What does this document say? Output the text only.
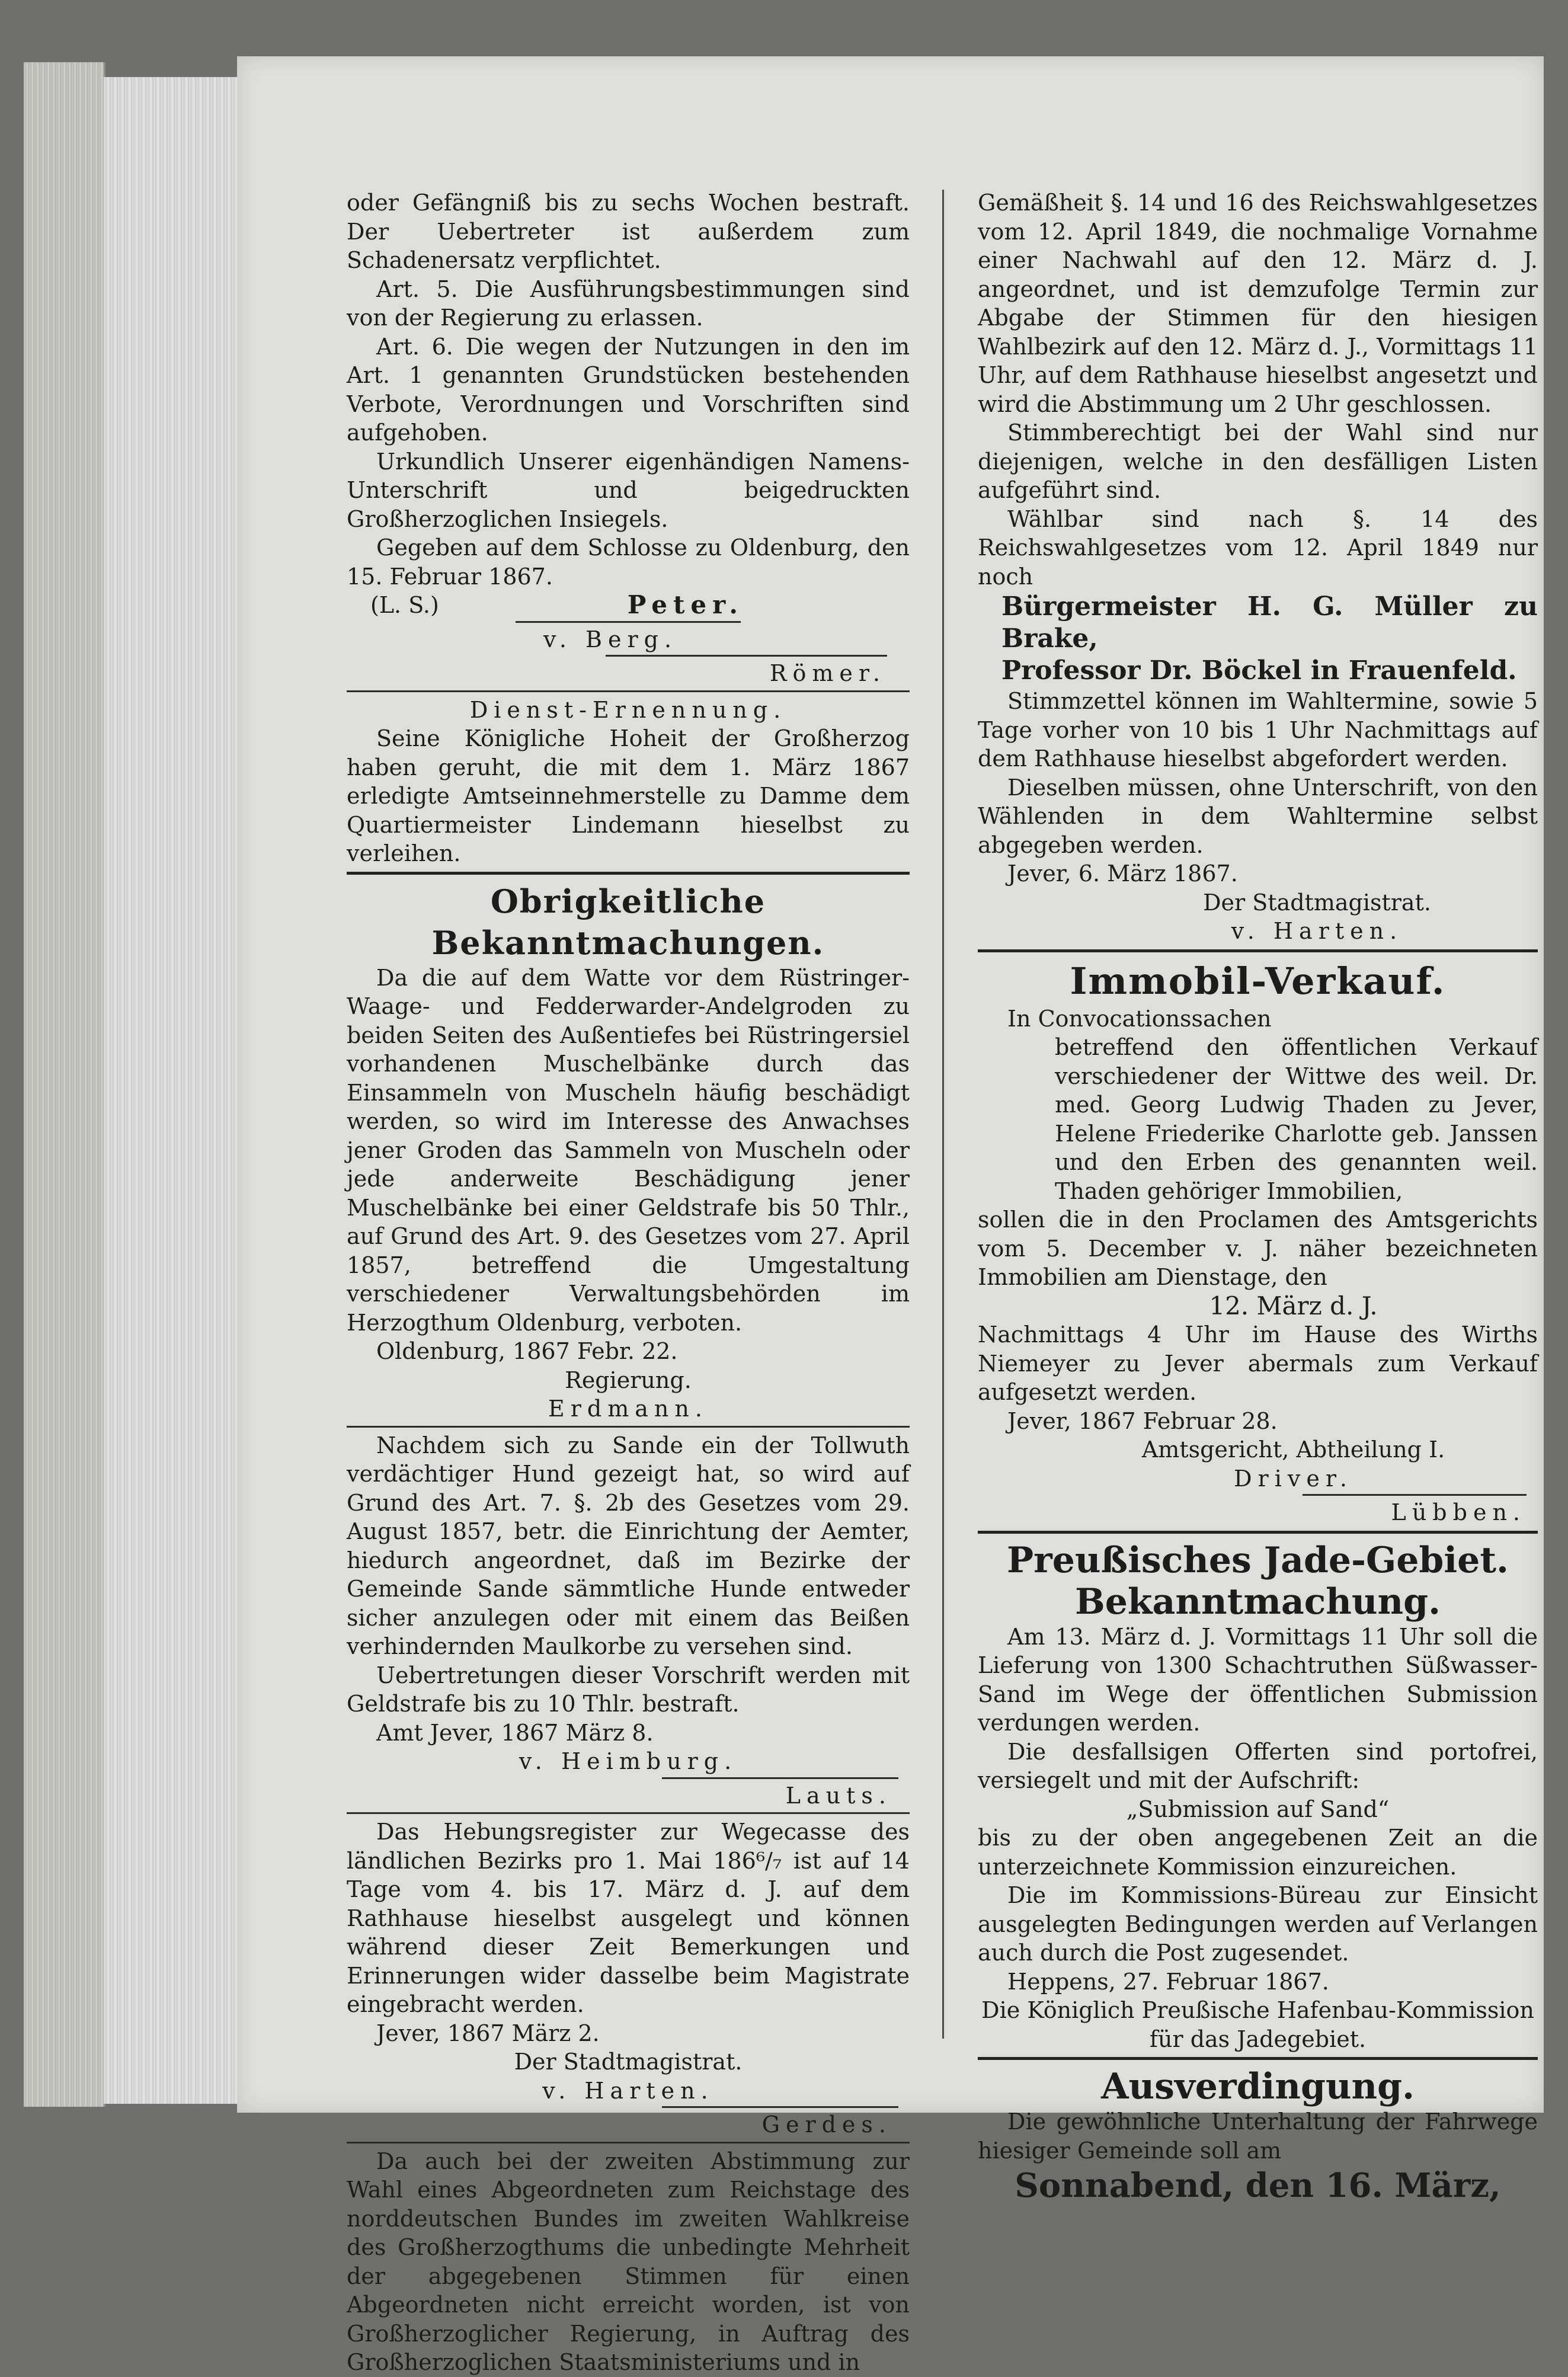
oder Gefängniß bis zu sechs Wochen bestraft. Der Uebertreter ist außerdem zum Schadenersatz verpflichtet.

Art. 5. Die Ausführungsbestimmungen sind von der Regierung zu erlassen.

Art. 6. Die wegen der Nutzungen in den im Art. 1 genannten Grundstücken bestehenden Verbote, Verordnungen und Vorschriften sind aufgehoben.

Urkundlich Unserer eigenhändigen Namens-Unterschrift und beigedruckten Großherzoglichen Insiegels.

Gegeben auf dem Schlosse zu Oldenburg, den 15. Februar 1867.

(L. S.)	Peter.

v. Berg.

Römer.

Dienst-Ernennung.

Seine Königliche Hoheit der Großherzog haben geruht, die mit dem 1. März 1867 erledigte Amtseinnehmerstelle zu Damme dem Quartiermeister Lindemann hieselbst zu verleihen.

Obrigkeitliche Bekanntmachungen.

Da die auf dem Watte vor dem Rüstringer-Waage- und Fedderwarder-Andelgroden zu beiden Seiten des Außentiefes bei Rüstringersiel vorhandenen Muschelbänke durch das Einsammeln von Muscheln häufig beschädigt werden, so wird im Interesse des Anwachses jener Groden das Sammeln von Muscheln oder jede anderweite Beschädigung jener Muschelbänke bei einer Geldstrafe bis 50 Thlr., auf Grund des Art. 9. des Gesetzes vom 27. April 1857, betreffend die Umgestaltung verschiedener Verwaltungsbehörden im Herzogthum Oldenburg, verboten.

Oldenburg, 1867 Febr. 22.

Regierung.

Erdmann.

Nachdem sich zu Sande ein der Tollwuth verdächtiger Hund gezeigt hat, so wird auf Grund des Art. 7. §. 2b des Gesetzes vom 29. August 1857, betr. die Einrichtung der Aemter, hiedurch angeordnet, daß im Bezirke der Gemeinde Sande sämmtliche Hunde entweder sicher anzulegen oder mit einem das Beißen verhindernden Maulkorbe zu versehen sind.

Uebertretungen dieser Vorschrift werden mit Geldstrafe bis zu 10 Thlr. bestraft.

Amt Jever, 1867 März 8.

v. Heimburg.

Lauts.

Das Hebungsregister zur Wegecasse des ländlichen Bezirks pro 1. Mai 186⁶/₇ ist auf 14 Tage vom 4. bis 17. März d. J. auf dem Rathhause hieselbst ausgelegt und können während dieser Zeit Bemerkungen und Erinnerungen wider dasselbe beim Magistrate eingebracht werden.

Jever, 1867 März 2.

Der Stadtmagistrat.

v. Harten.

Gerdes.

Da auch bei der zweiten Abstimmung zur Wahl eines Abgeordneten zum Reichstage des norddeutschen Bundes im zweiten Wahlkreise des Großherzogthums die unbedingte Mehrheit der abgegebenen Stimmen für einen Abgeordneten nicht erreicht worden, ist von Großherzoglicher Regierung, in Auftrag des Großherzoglichen Staatsministeriums und in

Gemäßheit §. 14 und 16 des Reichswahlgesetzes vom 12. April 1849, die nochmalige Vornahme einer Nachwahl auf den 12. März d. J. angeordnet, und ist demzufolge Termin zur Abgabe der Stimmen für den hiesigen Wahlbezirk auf den 12. März d. J., Vormittags 11 Uhr, auf dem Rathhause hieselbst angesetzt und wird die Abstimmung um 2 Uhr geschlossen.

Stimmberechtigt bei der Wahl sind nur diejenigen, welche in den desfälligen Listen aufgeführt sind.

Wählbar sind nach §. 14 des Reichswahlgesetzes vom 12. April 1849 nur noch

Bürgermeister H. G. Müller zu Brake,

Professor Dr. Böckel in Frauenfeld.

Stimmzettel können im Wahltermine, sowie 5 Tage vorher von 10 bis 1 Uhr Nachmittags auf dem Rathhause hieselbst abgefordert werden.

Dieselben müssen, ohne Unterschrift, von den Wählenden in dem Wahltermine selbst abgegeben werden.

Jever, 6. März 1867.

Der Stadtmagistrat.

v. Harten.

Immobil-Verkauf.

In Convocationssachen

betreffend den öffentlichen Verkauf verschiedener der Wittwe des weil. Dr. med. Georg Ludwig Thaden zu Jever, Helene Friederike Charlotte geb. Janssen und den Erben des genannten weil. Thaden gehöriger Immobilien,

sollen die in den Proclamen des Amtsgerichts vom 5. December v. J. näher bezeichneten Immobilien am Dienstage, den

12. März d. J.

Nachmittags 4 Uhr im Hause des Wirths Niemeyer zu Jever abermals zum Verkauf aufgesetzt werden.

Jever, 1867 Februar 28.

Amtsgericht, Abtheilung I.

Driver.

Lübben.

Preußisches Jade-Gebiet.

Bekanntmachung.

Am 13. März d. J. Vormittags 11 Uhr soll die Lieferung von 1300 Schachtruthen Süßwasser-Sand im Wege der öffentlichen Submission verdungen werden.

Die desfallsigen Offerten sind portofrei, versiegelt und mit der Aufschrift:

„Submission auf Sand“

bis zu der oben angegebenen Zeit an die unterzeichnete Kommission einzureichen.

Die im Kommissions-Büreau zur Einsicht ausgelegten Bedingungen werden auf Verlangen auch durch die Post zugesendet.

Heppens, 27. Februar 1867.

Die Königlich Preußische Hafenbau-Kommission

für das Jadegebiet.

Ausverdingung.

Die gewöhnliche Unterhaltung der Fahrwege hiesiger Gemeinde soll am

Sonnabend, den 16. März,
